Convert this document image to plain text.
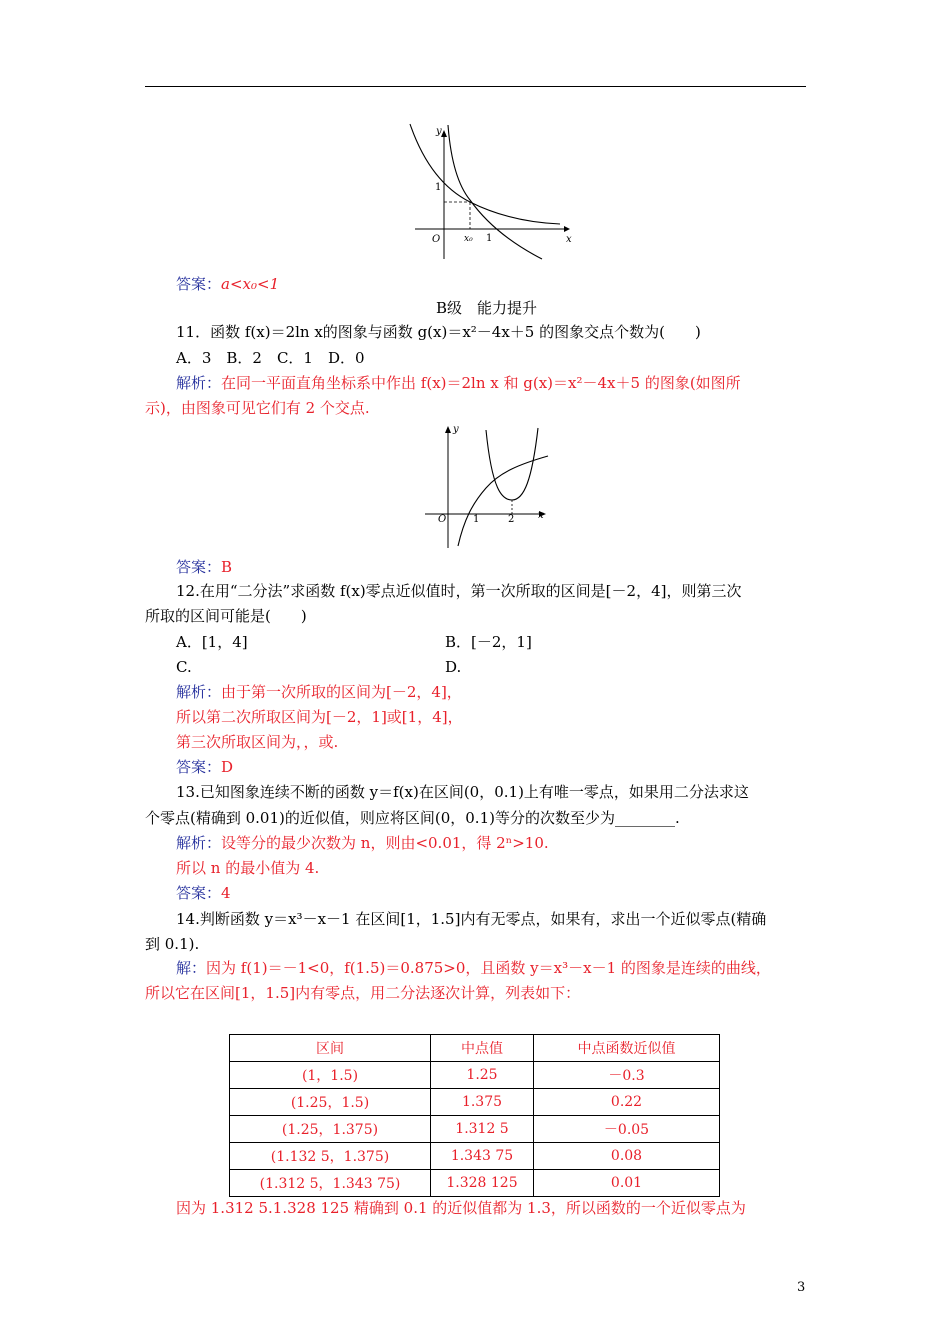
y
x
1
O	x₀ 1
答案：a<x₀<1
B级　能力提升
11．函数 f(x)＝2ln x的图象与函数 g(x)＝x²－4x＋5 的图象交点个数为(　　)
A．3　B．2　C．1　D．0
解析：在同一平面直角坐标系中作出 f(x)＝2ln x 和 g(x)＝x²－4x＋5 的图象(如图所
示)，由图象可见它们有 2 个交点.
y
x
O	1	2
答案：B
12.在用“二分法”求函数 f(x)零点近似值时，第一次所取的区间是[－2，4]，则第三次
所取的区间可能是(　　)
A．[1，4]	B．[－2，1]
C.	D.
解析：由于第一次所取的区间为[－2，4]，
所以第二次所取区间为[－2，1]或[1，4]，
第三次所取区间为，，或.
答案：D
13.已知图象连续不断的函数 y＝f(x)在区间(0，0.1)上有唯一零点，如果用二分法求这
个零点(精确到 0.01)的近似值，则应将区间(0，0.1)等分的次数至少为________.
解析：设等分的最少次数为 n，则由<0.01，得 2ⁿ>10.
所以 n 的最小值为 4.
答案：4
14.判断函数 y＝x³－x－1 在区间[1，1.5]内有无零点，如果有，求出一个近似零点(精确
到 0.1).
解：因为 f(1)＝－1<0，f(1.5)＝0.875>0，且函数 y＝x³－x－1 的图象是连续的曲线，
所以它在区间[1，1.5]内有零点，用二分法逐次计算，列表如下：
区间	中点值	中点函数近似值
(1，1.5)	1.25	－0.3
(1.25，1.5)	1.375	0.22
(1.25，1.375)	1.312 5	－0.05
(1.132 5，1.375)	1.343 75	0.08
(1.312 5，1.343 75)	1.328 125	0.01
因为 1.312 5.1.328 125 精确到 0.1 的近似值都为 1.3，所以函数的一个近似零点为
3
